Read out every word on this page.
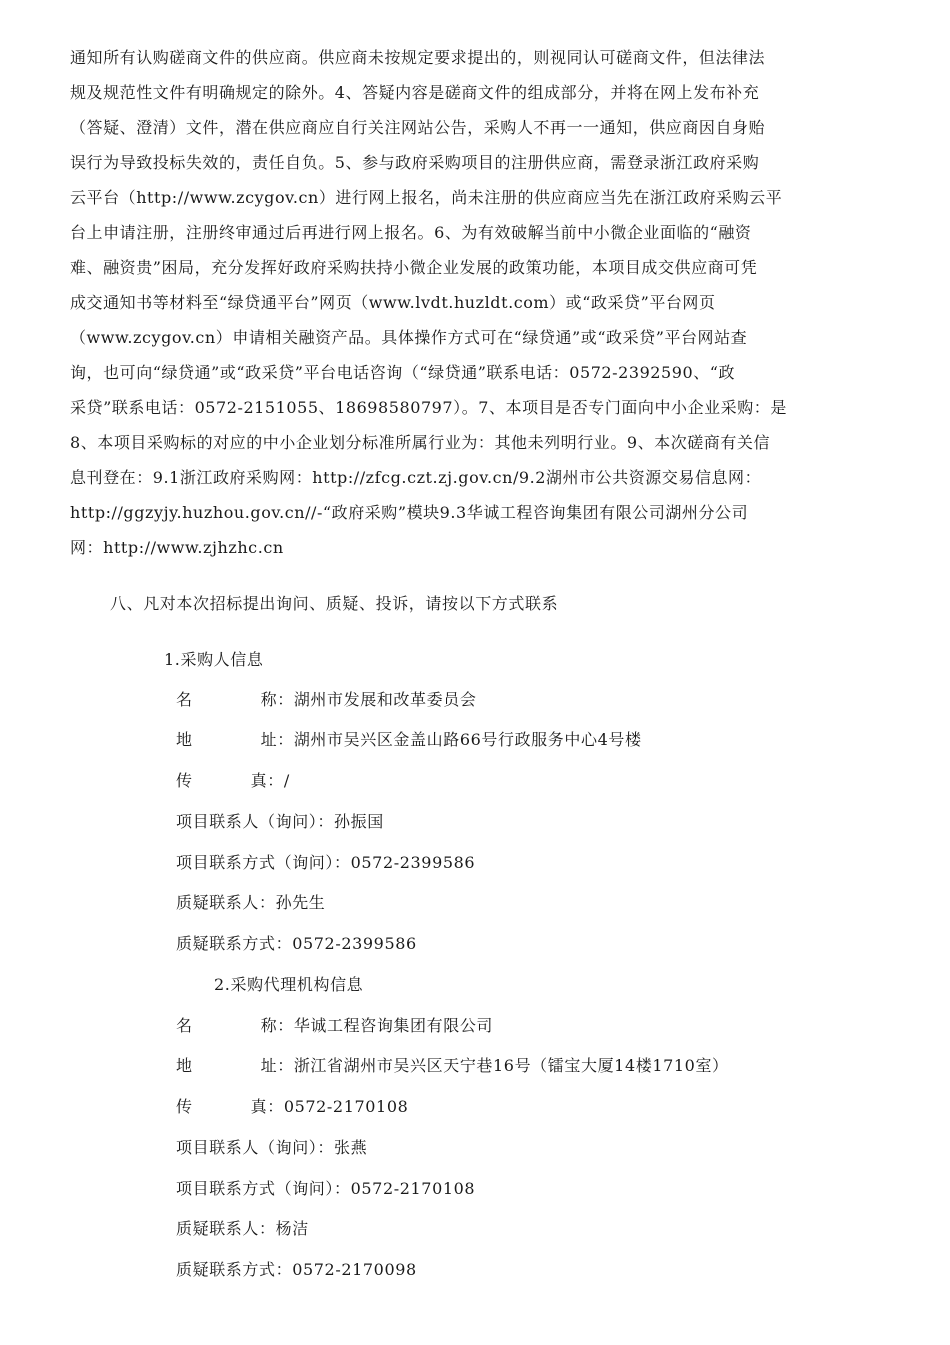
通知所有认购磋商文件的供应商。供应商未按规定要求提出的，则视同认可磋商文件，但法律法
规及规范性文件有明确规定的除外。4、答疑内容是磋商文件的组成部分，并将在网上发布补充
（答疑、澄清）文件，潜在供应商应自行关注网站公告，采购人不再一一通知，供应商因自身贻
误行为导致投标失效的，责任自负。5、参与政府采购项目的注册供应商，需登录浙江政府采购
云平台（http://www.zcygov.cn）进行网上报名，尚未注册的供应商应当先在浙江政府采购云平
台上申请注册，注册终审通过后再进行网上报名。6、为有效破解当前中小微企业面临的“融资
难、融资贵”困局，充分发挥好政府采购扶持小微企业发展的政策功能，本项目成交供应商可凭
成交通知书等材料至“绿贷通平台”网页（www.lvdt.huzldt.com）或“政采贷”平台网页
（www.zcygov.cn）申请相关融资产品。具体操作方式可在“绿贷通”或“政采贷”平台网站查
询，也可向“绿贷通”或“政采贷”平台电话咨询（“绿贷通”联系电话：0572-2392590、“政
采贷”联系电话：0572-2151055、18698580797）。7、本项目是否专门面向中小企业采购：是
8、本项目采购标的对应的中小企业划分标准所属行业为：其他未列明行业。9、本次磋商有关信
息刊登在：9.1浙江政府采购网：http://zfcg.czt.zj.gov.cn/9.2湖州市公共资源交易信息网：
http://ggzyjy.huzhou.gov.cn//-“政府采购”模块9.3华诚工程咨询集团有限公司湖州分公司
网：http://www.zjhzhc.cn

八、凡对本次招标提出询问、质疑、投诉，请按以下方式联系

1.采购人信息

名	称：湖州市发展和改革委员会

地	址：湖州市吴兴区金盖山路66号行政服务中心4号楼

传	真：/

项目联系人（询问）：孙振国

项目联系方式（询问）：0572-2399586

质疑联系人：孙先生

质疑联系方式：0572-2399586

2.采购代理机构信息

名	称：华诚工程咨询集团有限公司

地	址：浙江省湖州市吴兴区天宁巷16号（镭宝大厦14楼1710室）

传	真：0572-2170108

项目联系人（询问）：张燕

项目联系方式（询问）：0572-2170108

质疑联系人：杨洁

质疑联系方式：0572-2170098
